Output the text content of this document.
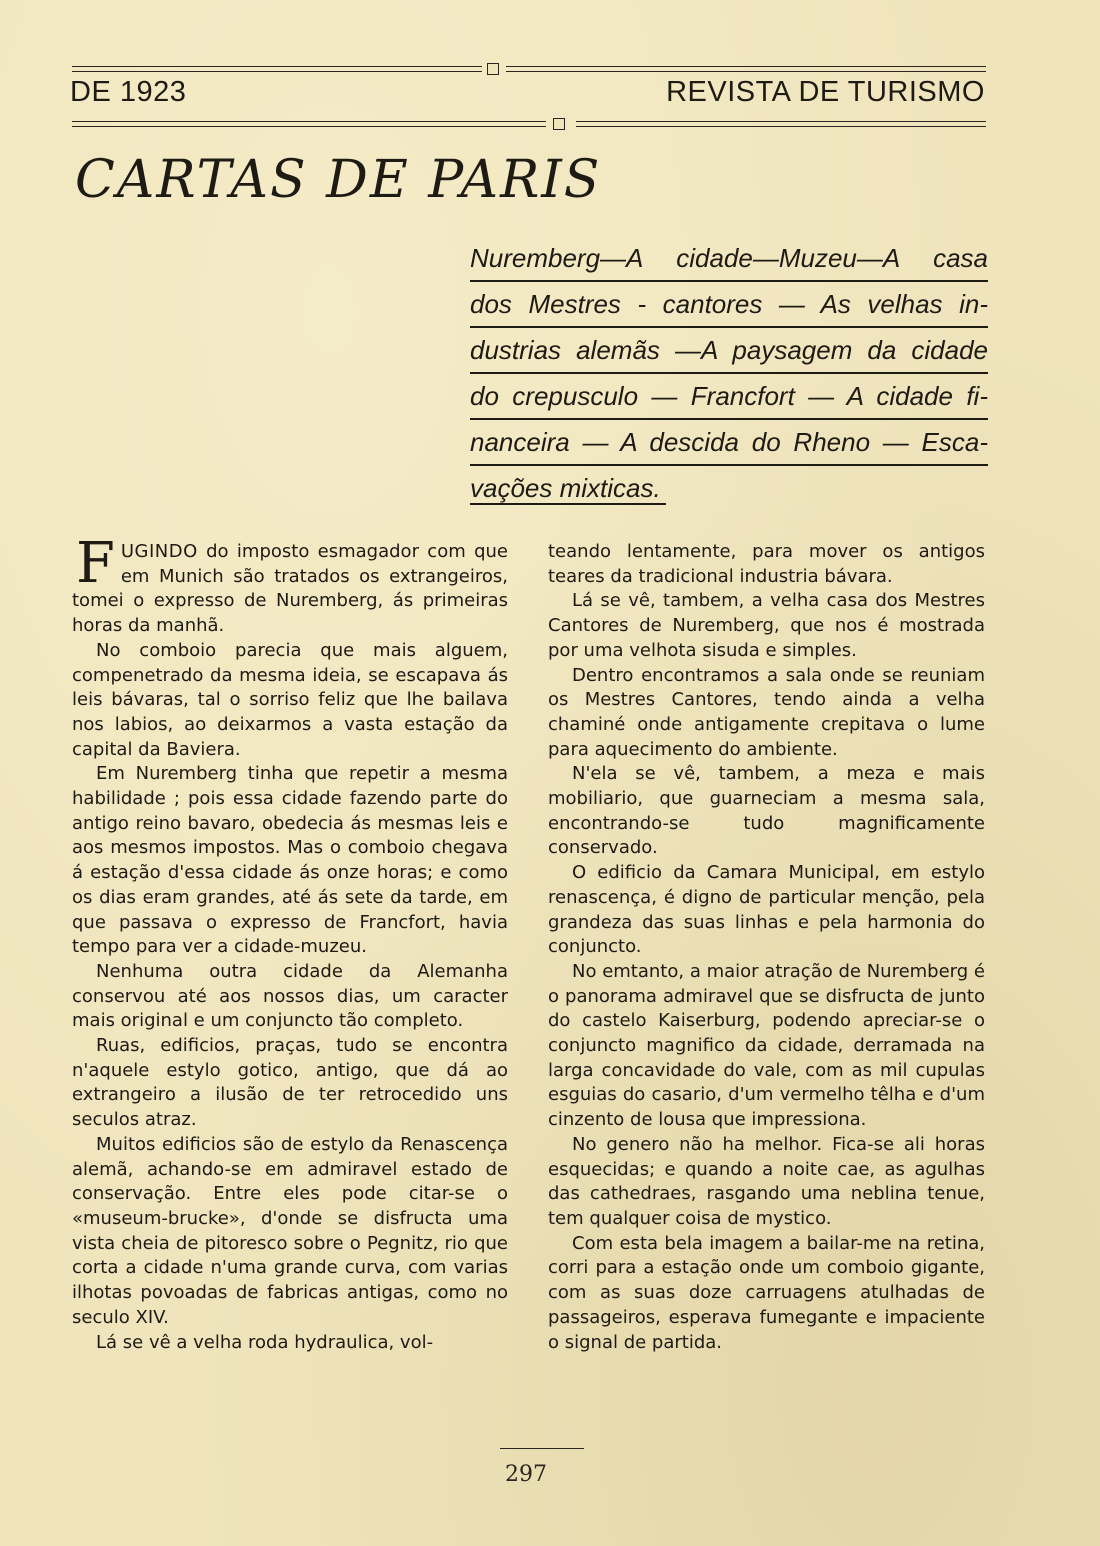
DE 1923	REVISTA DE TURISMO
CARTAS DE PARIS
Nuremberg—A cidade—Muzeu—A casa
dos Mestres - cantores — As velhas in-
dustrias alemãs —A paysagem da cidade
do crepusculo — Francfort — A cidade fi-
nanceira — A descida do Rheno — Esca-
vações mixticas.

FUGINDO do imposto esmagador com que em Munich são tratados os extrangeiros, tomei o expresso de Nuremberg, ás primeiras horas da manhã.

No comboio parecia que mais alguem, compenetrado da mesma ideia, se escapava ás leis bávaras, tal o sorriso feliz que lhe bailava nos labios, ao deixarmos a vasta estação da capital da Baviera.

Em Nuremberg tinha que repetir a mesma habilidade ; pois essa cidade fazendo parte do antigo reino bavaro, obedecia ás mesmas leis e aos mesmos impostos. Mas o comboio chegava á estação d'essa cidade ás onze horas; e como os dias eram grandes, até ás sete da tarde, em que passava o expresso de Francfort, havia tempo para ver a cidade-muzeu.

Nenhuma outra cidade da Alemanha conservou até aos nossos dias, um caracter mais original e um conjuncto tão completo.

Ruas, edificios, praças, tudo se encontra n'aquele estylo gotico, antigo, que dá ao extrangeiro a ilusão de ter retrocedido uns seculos atraz.

Muitos edificios são de estylo da Renascença alemã, achando-se em admiravel estado de conservação. Entre eles pode citar-se o «museum-brucke», d'onde se disfructa uma vista cheia de pitoresco sobre o Pegnitz, rio que corta a cidade n'uma grande curva, com varias ilhotas povoadas de fabricas antigas, como no seculo XIV.

Lá se vê a velha roda hydraulica, vol-

teando lentamente, para mover os antigos teares da tradicional industria bávara.

Lá se vê, tambem, a velha casa dos Mestres Cantores de Nuremberg, que nos é mostrada por uma velhota sisuda e simples.

Dentro encontramos a sala onde se reuniam os Mestres Cantores, tendo ainda a velha chaminé onde antigamente crepitava o lume para aquecimento do ambiente.

N'ela se vê, tambem, a meza e mais mobiliario, que guarneciam a mesma sala, encontrando-se tudo magnificamente conservado.

O edificio da Camara Municipal, em estylo renascença, é digno de particular menção, pela grandeza das suas linhas e pela harmonia do conjuncto.

No emtanto, a maior atração de Nuremberg é o panorama admiravel que se disfructa de junto do castelo Kaiserburg, podendo apreciar-se o conjuncto magnifico da cidade, derramada na larga concavidade do vale, com as mil cupulas esguias do casario, d'um vermelho têlha e d'um cinzento de lousa que impressiona.

No genero não ha melhor. Fica-se ali horas esquecidas; e quando a noite cae, as agulhas das cathedraes, rasgando uma neblina tenue, tem qualquer coisa de mystico.

Com esta bela imagem a bailar-me na retina, corri para a estação onde um comboio gigante, com as suas doze carruagens atulhadas de passageiros, esperava fumegante e impaciente o signal de partida.

297
